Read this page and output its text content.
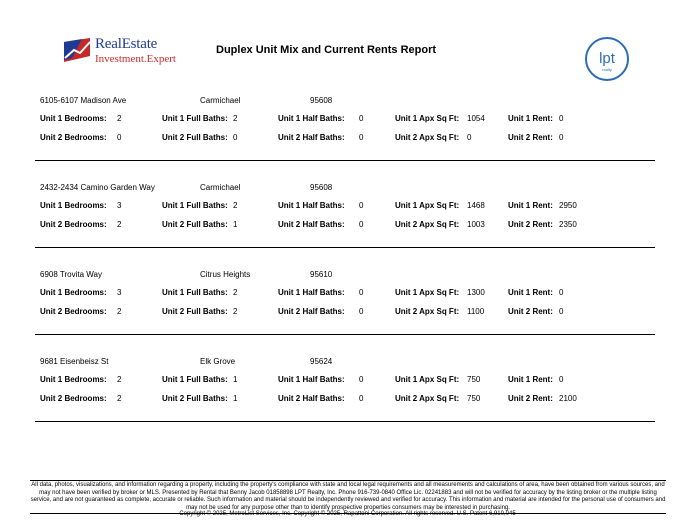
RealEstate
Investment.Expert
Duplex Unit Mix and Current Rents Report	lpt
realty
6105-6107 Madison Ave	Carmichael	95608
Unit 1 Bedrooms: 2	Unit 1 Full Baths: 2	Unit 1 Half Baths: 0	Unit 1 Apx Sq Ft: 1054	Unit 1 Rent: 0
Unit 2 Bedrooms: 0	Unit 2 Full Baths: 0	Unit 2 Half Baths: 0	Unit 2 Apx Sq Ft: 0	Unit 2 Rent: 0
2432-2434 Camino Garden Way	Carmichael	95608
Unit 1 Bedrooms: 3	Unit 1 Full Baths: 2	Unit 1 Half Baths: 0	Unit 1 Apx Sq Ft: 1468	Unit 1 Rent: 2950
Unit 2 Bedrooms: 2	Unit 2 Full Baths: 1	Unit 2 Half Baths: 0	Unit 2 Apx Sq Ft: 1003	Unit 2 Rent: 2350
6908 Trovita Way	Citrus Heights	95610
Unit 1 Bedrooms: 3	Unit 1 Full Baths: 2	Unit 1 Half Baths: 0	Unit 1 Apx Sq Ft: 1300	Unit 1 Rent: 0
Unit 2 Bedrooms: 2	Unit 2 Full Baths: 2	Unit 2 Half Baths: 0	Unit 2 Apx Sq Ft: 1100	Unit 2 Rent: 0
9681 Eisenbeisz St	Elk Grove	95624
Unit 1 Bedrooms: 2	Unit 1 Full Baths: 1	Unit 1 Half Baths: 0	Unit 1 Apx Sq Ft: 750	Unit 1 Rent: 0
Unit 2 Bedrooms: 2	Unit 2 Full Baths: 1	Unit 2 Half Baths: 0	Unit 2 Apx Sq Ft: 750	Unit 2 Rent: 2100
All data, photos, visualizations, and information regarding a property, including the property's compliance with state and local legal requirements and all measurements and calculations of area, have been obtained from various sources, and may not have been verified by broker or MLS. Presented by Rental that Benny Jacob 01858898 LPT Realty, Inc. Phone 916-739-0840 Office Lic. 02241883 and will not be verified for accuracy by the listing broker or the multiple listing service, and are not guaranteed as complete, accurate or reliable. Such information and material should be independently reviewed and verified for accuracy. This information and material are intended for the personal use of consumers and may not be used for any purpose other than to identify prospective properties consumers may be interested in purchasing.
Copyright © 2025, MetroList Services, Inc. Copyright © 2025, Rapattoni Corporation. All rights reserved. U.S. Patent 6,910,045
